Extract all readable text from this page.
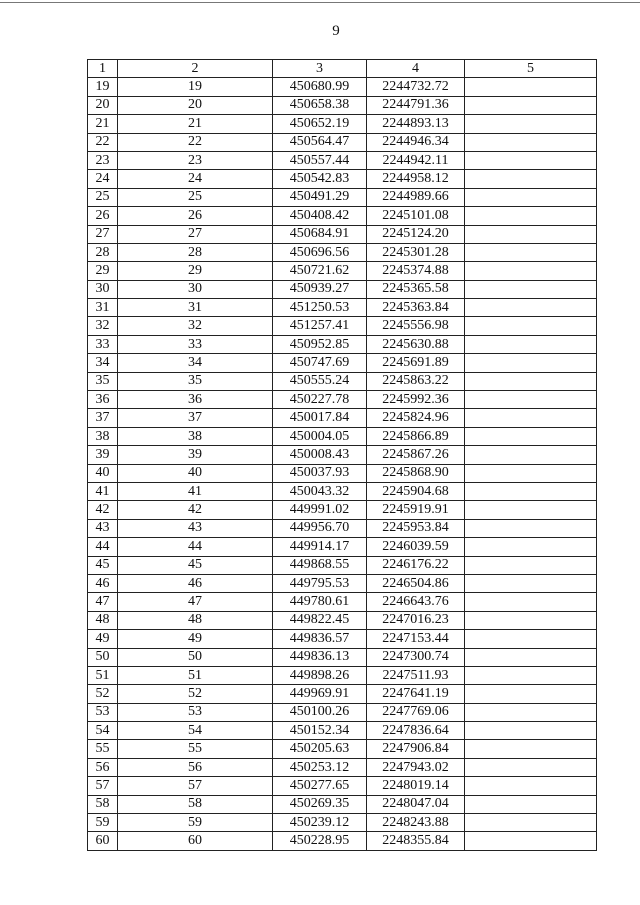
9
1	2	3	4	5
19	19	450680.99	2244732.72	
20	20	450658.38	2244791.36	
21	21	450652.19	2244893.13	
22	22	450564.47	2244946.34	
23	23	450557.44	2244942.11	
24	24	450542.83	2244958.12	
25	25	450491.29	2244989.66	
26	26	450408.42	2245101.08	
27	27	450684.91	2245124.20	
28	28	450696.56	2245301.28	
29	29	450721.62	2245374.88	
30	30	450939.27	2245365.58	
31	31	451250.53	2245363.84	
32	32	451257.41	2245556.98	
33	33	450952.85	2245630.88	
34	34	450747.69	2245691.89	
35	35	450555.24	2245863.22	
36	36	450227.78	2245992.36	
37	37	450017.84	2245824.96	
38	38	450004.05	2245866.89	
39	39	450008.43	2245867.26	
40	40	450037.93	2245868.90	
41	41	450043.32	2245904.68	
42	42	449991.02	2245919.91	
43	43	449956.70	2245953.84	
44	44	449914.17	2246039.59	
45	45	449868.55	2246176.22	
46	46	449795.53	2246504.86	
47	47	449780.61	2246643.76	
48	48	449822.45	2247016.23	
49	49	449836.57	2247153.44	
50	50	449836.13	2247300.74	
51	51	449898.26	2247511.93	
52	52	449969.91	2247641.19	
53	53	450100.26	2247769.06	
54	54	450152.34	2247836.64	
55	55	450205.63	2247906.84	
56	56	450253.12	2247943.02	
57	57	450277.65	2248019.14	
58	58	450269.35	2248047.04	
59	59	450239.12	2248243.88	
60	60	450228.95	2248355.84	
